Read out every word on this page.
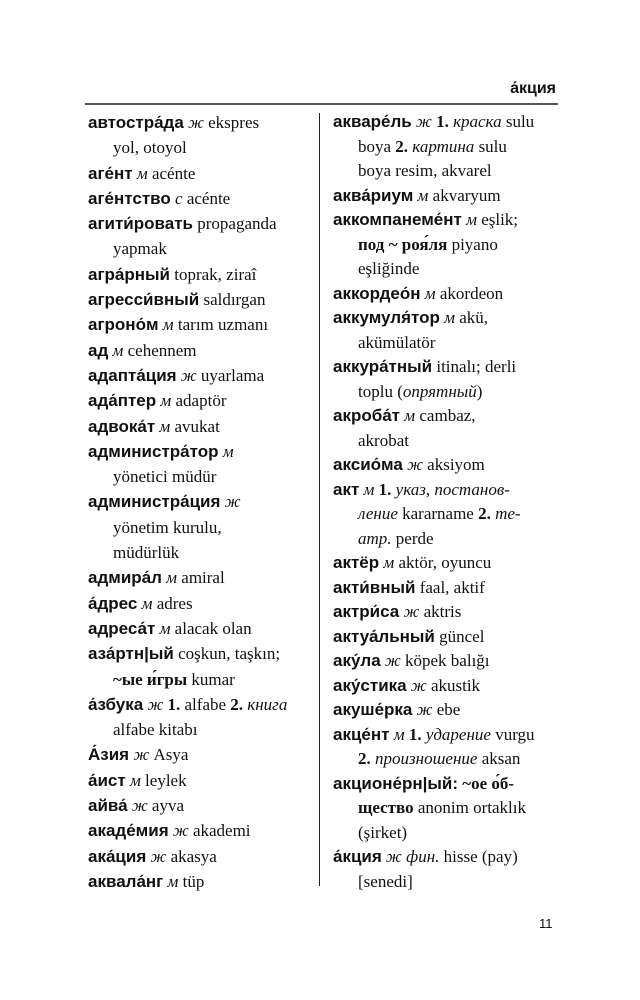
а́кция
автостра́да ж ekspres
yol, otoyol
аге́нт м acénte
аге́нтство с acénte
агити́ровать propaganda
yapmak
агра́рный toprak, ziraî
агресси́вный saldırgan
агроно́м м tarım uzmanı
ад м cehennem
адапта́ция ж uyarlama
ада́птер м adaptör
адвока́т м avukat
администра́тор м
yönetici müdür
администра́ция ж
yönetim kurulu,
müdürlük
адмира́л м amiral
а́дрес м adres
адреса́т м alacak olan
аза́ртн|ый coşkun, taşkın;
~ые и́гры kumar
а́збука ж 1. alfabe 2. книга
alfabe kitabı
А́зия ж Asya
а́ист м leylek
айва́ ж ayva
акаде́мия ж akademi
ака́ция ж akasya
аквала́нг м tüp
акваре́ль ж 1. краска sulu
boya 2. картина sulu
boya resim, akvarel
аква́риум м akvaryum
аккомпанеме́нт м eşlik;
под ~ роя́ля piyano
eşliğinde
аккордео́н м akordeon
аккумуля́тор м akü,
akümülatör
аккура́тный itinalı; derli
toplu (опрятный)
акроба́т м cambaz,
akrobat
аксио́ма ж aksiyom
акт м 1. указ, постанов-
ление kararname 2. те-
атр. perde
актёр м aktör, oyuncu
акти́вный faal, aktif
актри́са ж aktris
актуа́льный güncel
аку́ла ж köpek balığı
аку́стика ж akustik
акуше́рка ж ebe
акце́нт м 1. ударение vurgu
2. произношение aksan
акционе́рн|ый: ~ое о́б-
щество anonim ortaklık
(şirket)
а́кция ж фин. hisse (pay)
[senedi]
11
